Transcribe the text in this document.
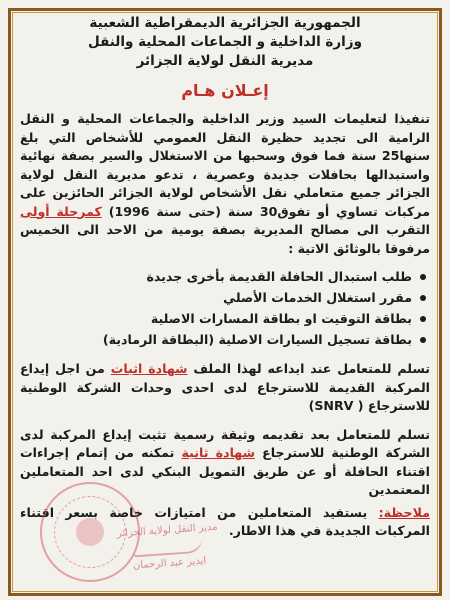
الجمهورية الجزائرية الديمقراطية الشعبية
وزارة الداخلية و الجماعات المحلية والنقل
مديرية النقل لولاية الجزائر
إعـلان هـام

تنفيذا لتعليمات السيد وزير الداخلية والجماعات المحلية و النقل الرامية الى تجديد حظيرة النقل العمومي للأشخاص التي بلغ سنها25 سنة فما فوق وسحبها من الاستغلال والسير بصفة نهائية واستبدالها بحافلات جديدة وعصرية ، تدعو مديرية النقل لولاية الجزائر جميع متعاملي نقل الأشخاص لولاية الجزائر الحائزين على مركبات تساوي أو تفوق30 سنة (حتى سنة 1996) كمرحلة أولى التقرب الى مصالح المديرية بصفة يومية من الاحد الى الخميس مرفوقا بالوثائق الاتية :

طلب استبدال الحافلة القديمة بأخرى جديدة
مقرر استغلال الخدمات الأصلي
بطاقة التوقيت او بطاقة المسارات الاصلية
بطاقة تسجيل السيارات الاصلية (البطاقة الرمادية)

تسلم للمتعامل عند ايداعه لهذا الملف شهادة اثبات من اجل إيداع المركبة القديمة للاسترجاع لدى احدى وحدات الشركة الوطنية للاسترجاع ( SNRV)

تسلم للمتعامل بعد تقديمه وثيقة رسمية تثبت إيداع المركبة لدى الشركة الوطنية للاسترجاع شهادة ثانية تمكنه من إتمام إجراءات اقتناء الحافلة أو عن طريق التمويل البنكي لدى احد المتعاملين المعتمدين

ملاحظة: يستفيد المتعاملين من امتيازات خاصة بسعر اقتناء المركبات الجديدة في هذا الاطار.

مدير النقل لولاية الجزائر
ايدير عبد الرحمان
